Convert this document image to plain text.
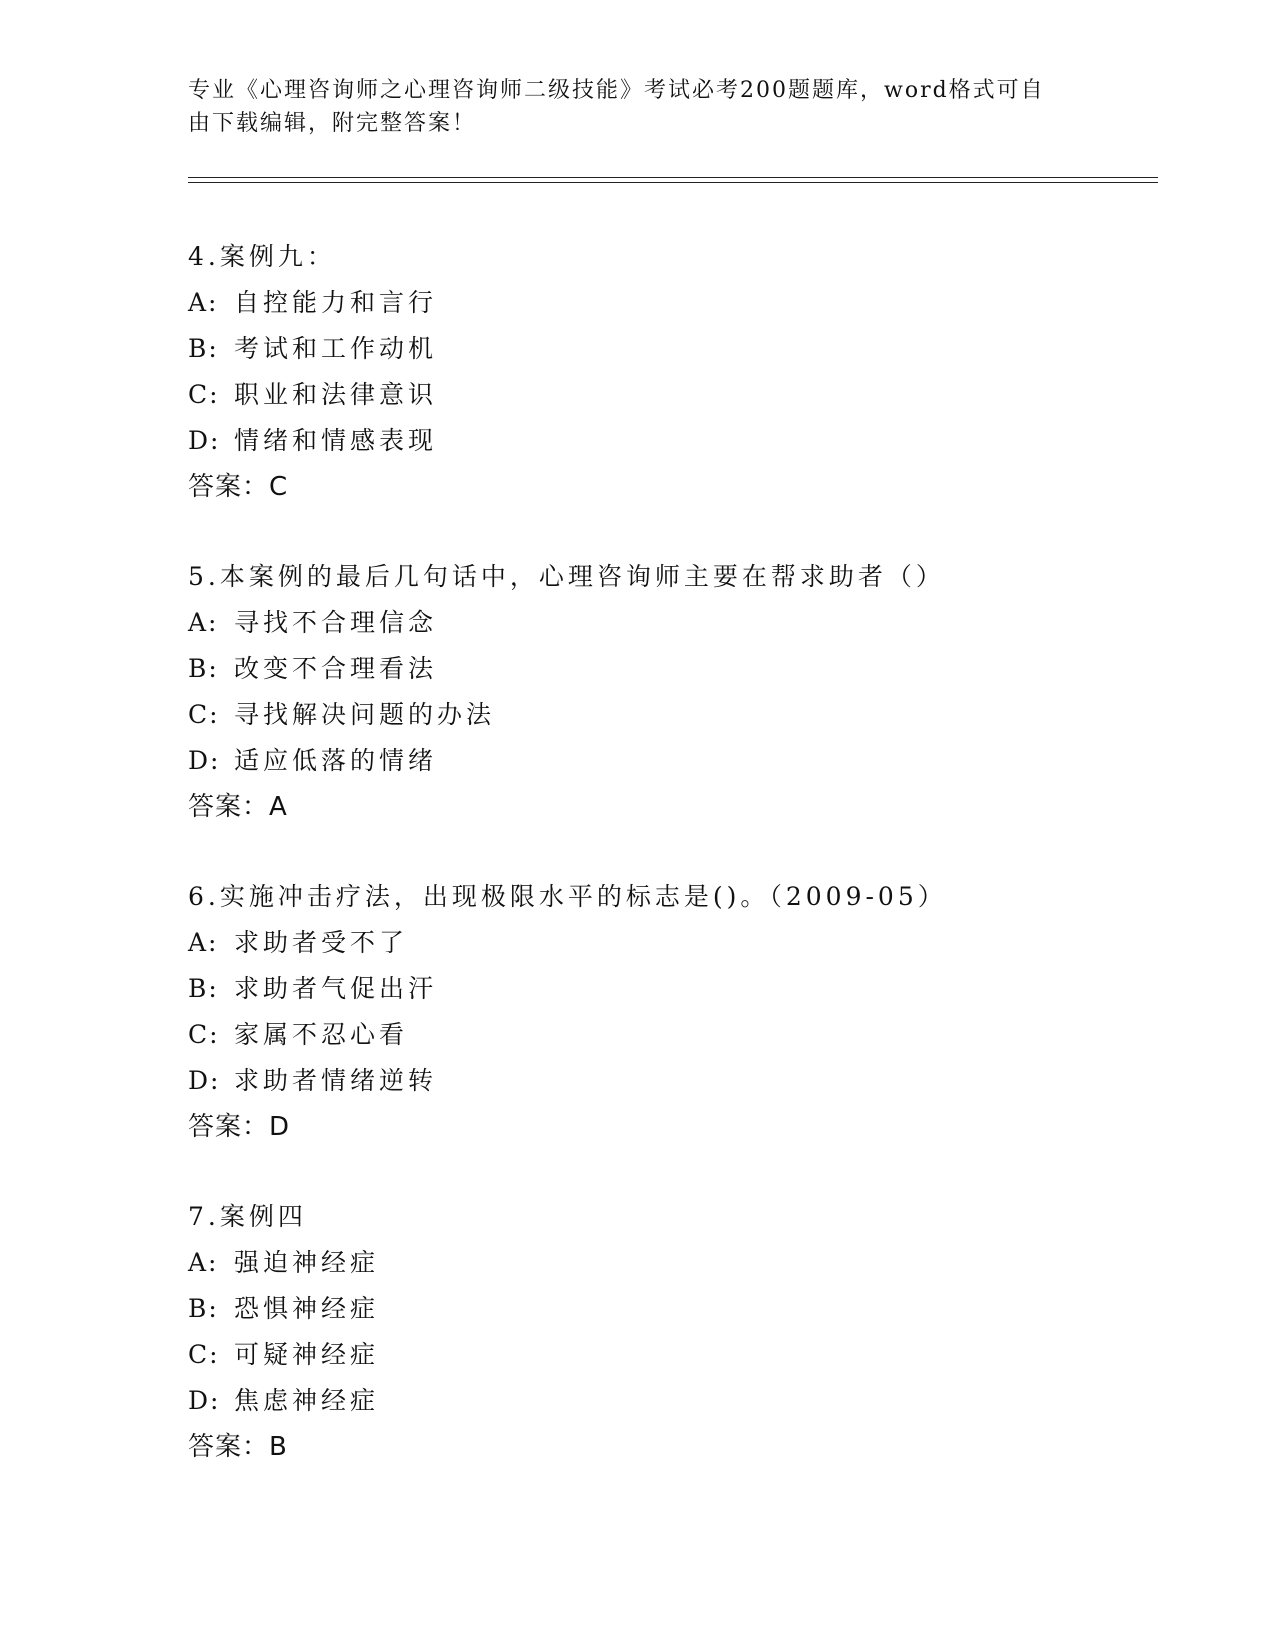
专业《心理咨询师之心理咨询师二级技能》考试必考200题题库，word格式可自由下载编辑，附完整答案！

4.案例九：
A: 自控能力和言行
B: 考试和工作动机
C: 职业和法律意识
D: 情绪和情感表现
答案：C
5.本案例的最后几句话中，心理咨询师主要在帮求助者（）
A: 寻找不合理信念
B: 改变不合理看法
C: 寻找解决问题的办法
D: 适应低落的情绪
答案：A
6.实施冲击疗法，出现极限水平的标志是()。（2009-05）
A: 求助者受不了
B: 求助者气促出汗
C: 家属不忍心看
D: 求助者情绪逆转
答案：D
7.案例四
A: 强迫神经症
B: 恐惧神经症
C: 可疑神经症
D: 焦虑神经症
答案：B
